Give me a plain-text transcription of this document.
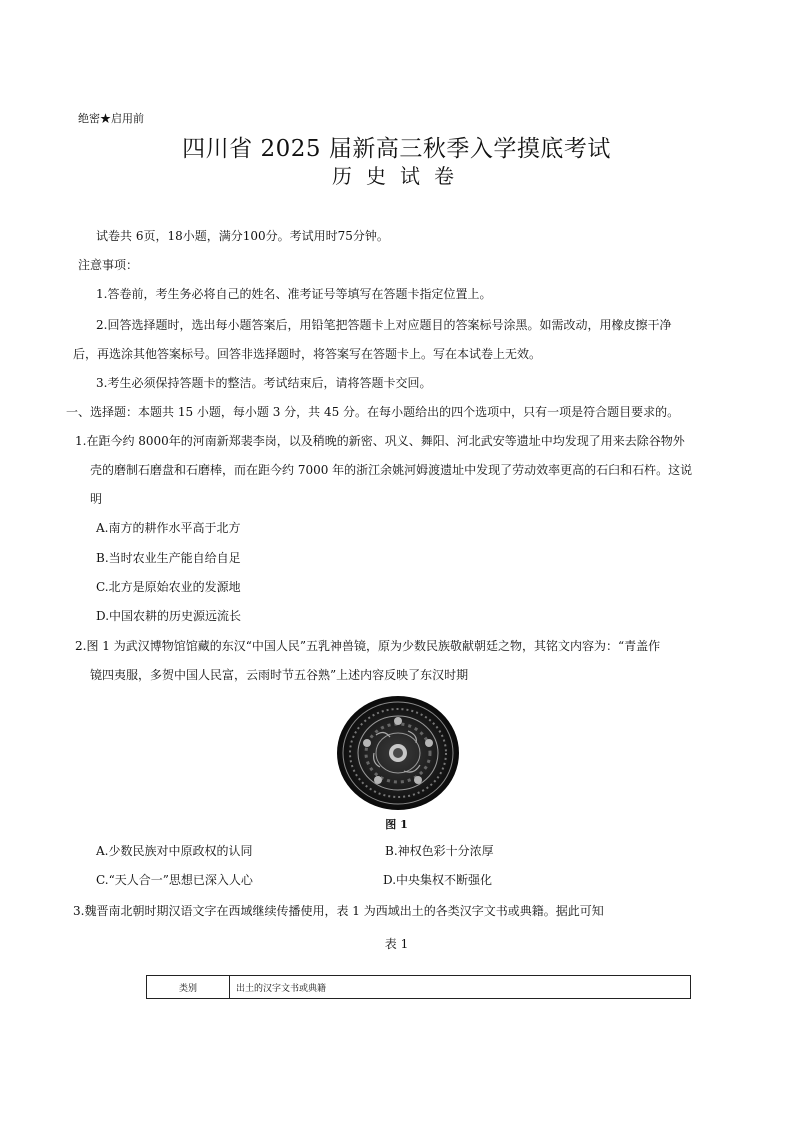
绝密★启用前
四川省 2025 届新高三秋季入学摸底考试
历史试卷
试卷共 6页，18小题，满分100分。考试用时75分钟。
注意事项：
1.答卷前，考生务必将自己的姓名、准考证号等填写在答题卡指定位置上。
2.回答选择题时，选出每小题答案后，用铅笔把答题卡上对应题目的答案标号涂黑。如需改动，用橡皮擦干净
后，再选涂其他答案标号。回答非选择题时，将答案写在答题卡上。写在本试卷上无效。
3.考生必须保持答题卡的整洁。考试结束后，请将答题卡交回。
一、选择题：本题共 15 小题，每小题 3 分，共 45 分。在每小题给出的四个选项中，只有一项是符合题目要求的。
1.在距今约 8000年的河南新郑裴李岗，以及稍晚的新密、巩义、舞阳、河北武安等遗址中均发现了用来去除谷物外
壳的磨制石磨盘和石磨棒，而在距今约 7000 年的浙江余姚河姆渡遗址中发现了劳动效率更高的石臼和石杵。这说
明
A.南方的耕作水平高于北方
B.当时农业生产能自给自足
C.北方是原始农业的发源地
D.中国农耕的历史源远流长
2.图 1 为武汉博物馆馆藏的东汉“中国人民”五乳神兽镜，原为少数民族敬献朝廷之物，其铭文内容为：“青盖作
镜四夷服，多贺中国人民富，云雨时节五谷熟”上述内容反映了东汉时期
图 1
A.少数民族对中原政权的认同	B.神权色彩十分浓厚
C.“天人合一”思想已深入人心	D.中央集权不断强化
3.魏晋南北朝时期汉语文字在西域继续传播使用，表 1 为西域出土的各类汉字文书或典籍。据此可知
表 1
类别	出土的汉字文书或典籍
